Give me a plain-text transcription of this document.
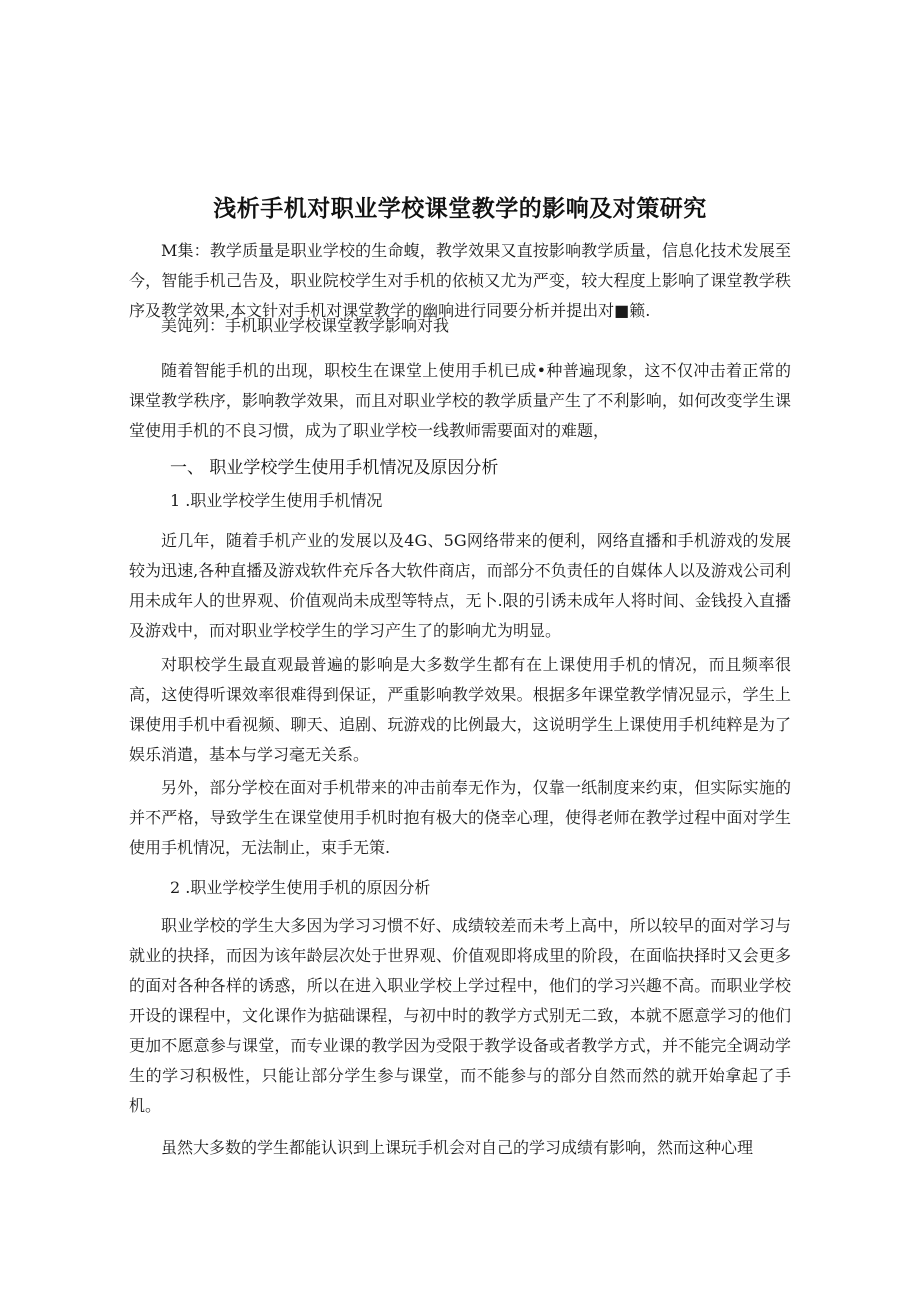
浅析手机对职业学校课堂教学的影响及对策研究

M集：教学质量是职业学校的生命蝮，教学效果又直按影响教学质量，信息化技术发展至今，智能手机己告及，职业院校学生对手机的依桢又尤为严变，较大程度上影响了课堂教学秩序及教学效果,本文针对手机对课堂教学的幽响进行同要分析并提出对■籁.

美饨列：手机职业学校课堂教学影响对我

随着智能手机的出现，职校生在课堂上使用手机已成•种普遍现象，这不仅冲击着正常的课堂教学秩序，影响教学效果，而且对职业学校的教学质量产生了不利影响，如何改变学生课堂使用手机的不良习惯，成为了职业学校一线教师需要面对的难题，

一、 职业学校学生使用手机情况及原因分析
1 .职业学校学生使用手机情况

近几年，随着手机产业的发展以及4G、5G网络带来的便利，网络直播和手机游戏的发展较为迅速,各种直播及游戏软件充斥各大软件商店，而部分不负责任的自媒体人以及游戏公司利用未成年人的世界观、价值观尚未成型等特点，无卜.限的引诱未成年人将时间、金钱投入直播及游戏中，而对职业学校学生的学习产生了的影响尤为明显。

对职校学生最直观最普遍的影响是大多数学生都有在上课使用手机的情况，而且频率很高，这使得听课效率很难得到保证，严重影响教学效果。根据多年课堂教学情况显示，学生上课使用手机中看视频、聊天、追剧、玩游戏的比例最大，这说明学生上课使用手机纯粹是为了娱乐消遣，基本与学习毫无关系。

另外，部分学校在面对手机带来的冲击前奉无作为，仅靠一纸制度来约束，但实际实施的并不严格，导致学生在课堂使用手机时抱有极大的侥幸心理，使得老师在教学过程中面对学生使用手机情况，无法制止，束手无策.

2 .职业学校学生使用手机的原因分析

职业学校的学生大多因为学习习惯不好、成绩较差而未考上高中，所以较早的面对学习与就业的抉择，而因为该年龄层次处于世界观、价值观即将成里的阶段，在面临抉择时又会更多的面对各种各样的诱惑，所以在进入职业学校上学过程中，他们的学习兴趣不高。而职业学校开设的课程中，文化课作为掂础课程，与初中时的教学方式别无二致，本就不愿意学习的他们更加不愿意参与课堂，而专业课的教学因为受限于教学设备或者教学方式，并不能完全调动学生的学习积极性，只能让部分学生参与课堂，而不能参与的部分自然而然的就开始拿起了手机。

虽然大多数的学生都能认识到上课玩手机会对自己的学习成绩有影响，然而这种心理
